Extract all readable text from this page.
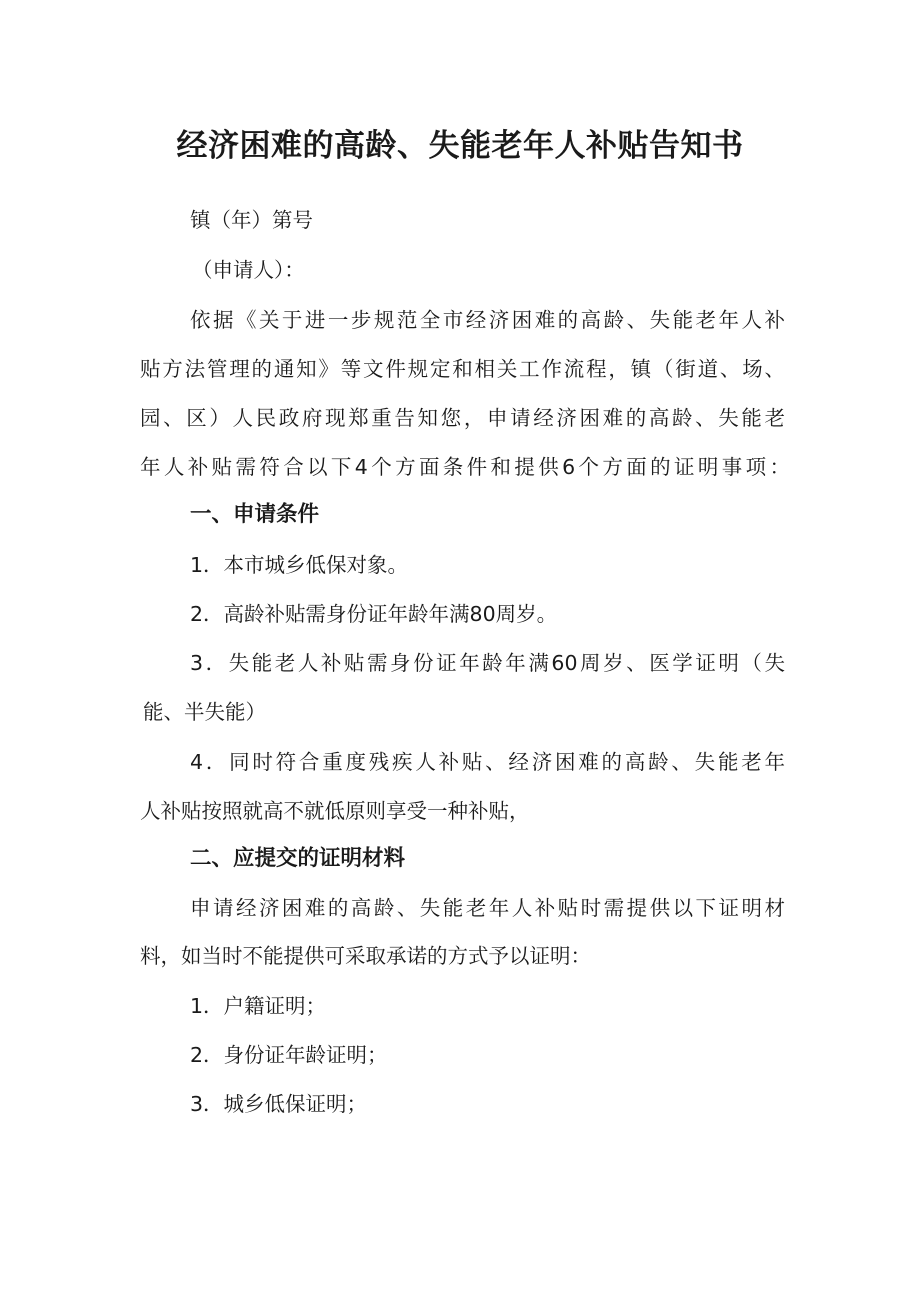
经济困难的高龄、失能老年人补贴告知书

镇（年）第号

（申请人）：

依据《关于进一步规范全市经济困难的高龄、失能老年人补

贴方法管理的通知》等文件规定和相关工作流程，镇（街道、场、

园、区）人民政府现郑重告知您，申请经济困难的高龄、失能老

年人补贴需符合以下4个方面条件和提供6个方面的证明事项：

一、申请条件

1．本市城乡低保对象。

2．高龄补贴需身份证年龄年满80周岁。

3．失能老人补贴需身份证年龄年满60周岁、医学证明（失

能、半失能）

4．同时符合重度残疾人补贴、经济困难的高龄、失能老年

人补贴按照就高不就低原则享受一种补贴，

二、应提交的证明材料

申请经济困难的高龄、失能老年人补贴时需提供以下证明材

料，如当时不能提供可采取承诺的方式予以证明：

1．户籍证明；

2．身份证年龄证明；

3．城乡低保证明；
